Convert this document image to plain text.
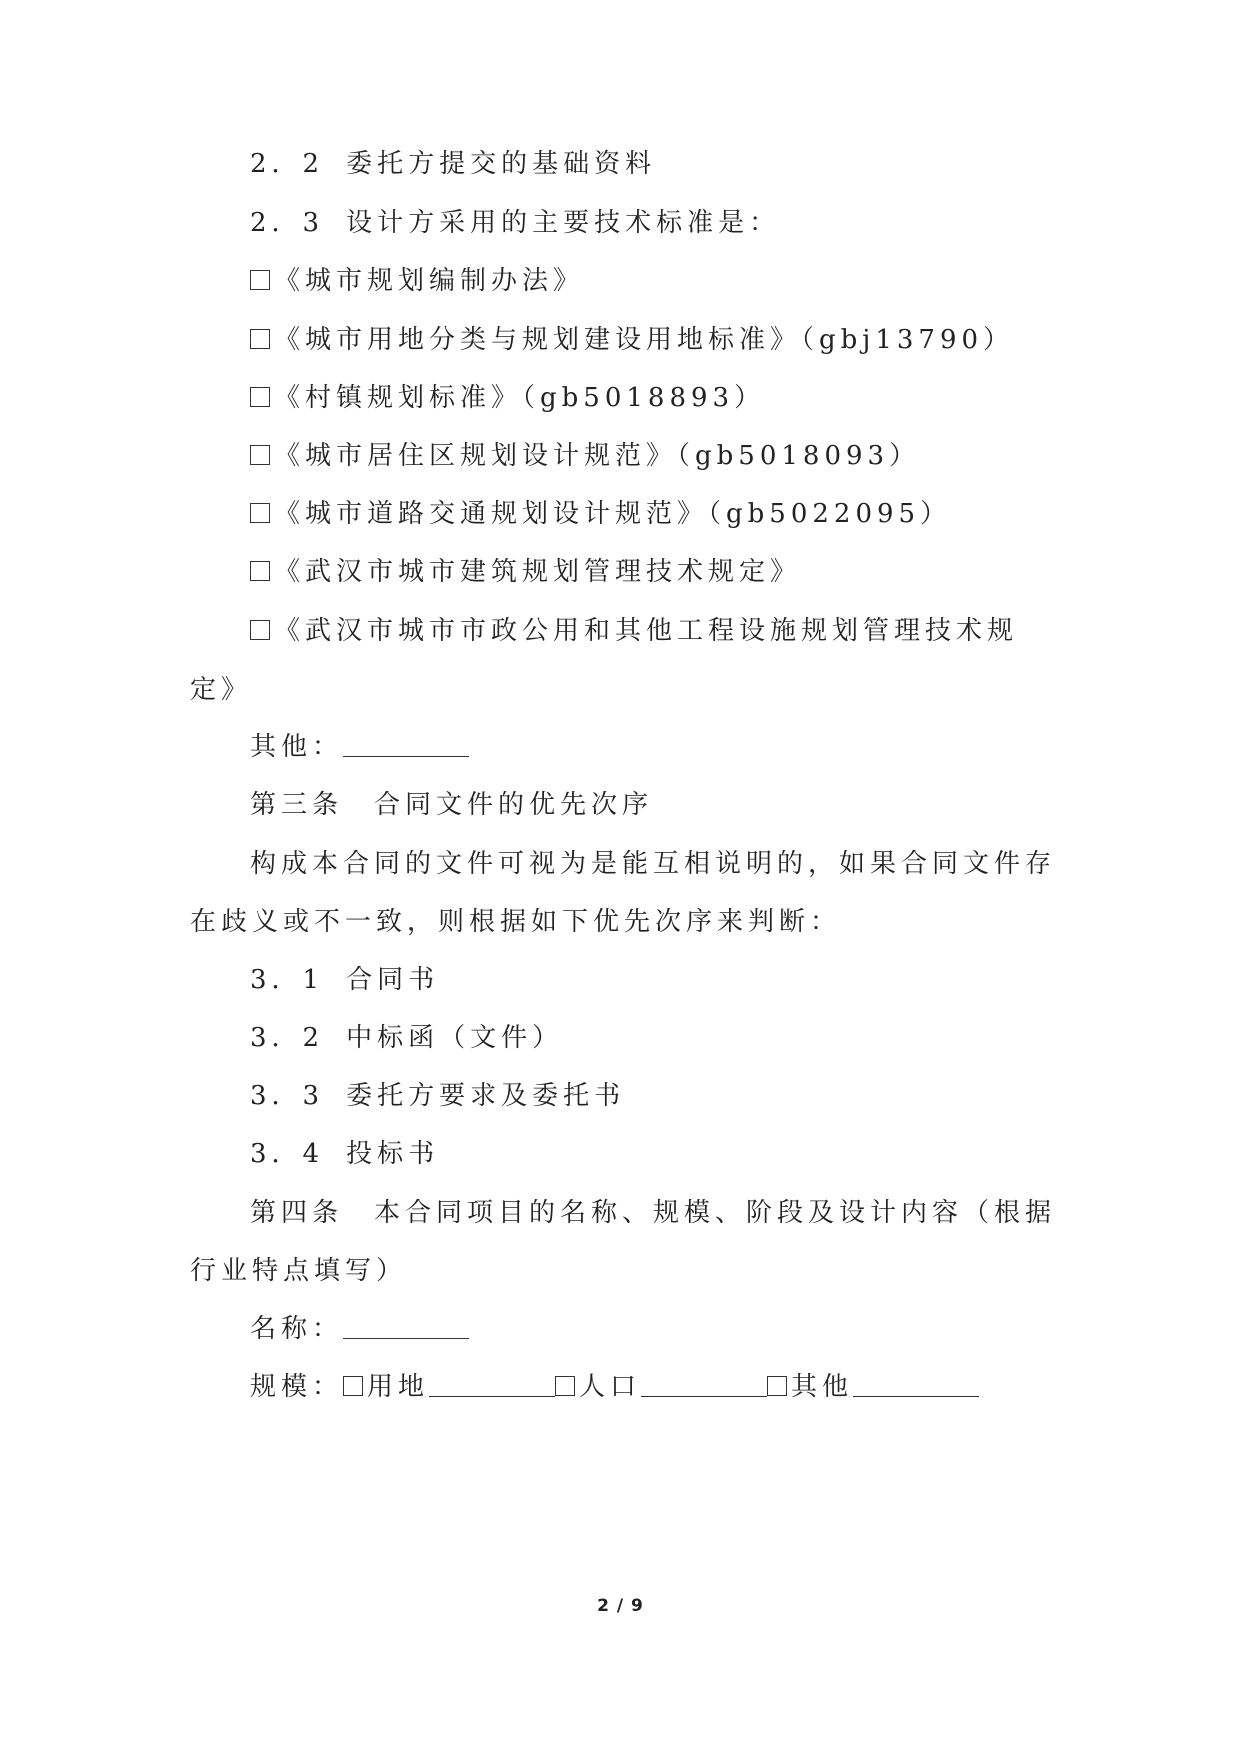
2．2 委托方提交的基础资料
2．3 设计方采用的主要技术标准是：
《城市规划编制办法》
《城市用地分类与规划建设用地标准》（gbj13790）
《村镇规划标准》（gb5018893）
《城市居住区规划设计规范》（gb5018093）
《城市道路交通规划设计规范》（gb5022095）
《武汉市城市建筑规划管理技术规定》
《武汉市城市市政公用和其他工程设施规划管理技术规
定》
其他：
第三条　合同文件的优先次序
构成本合同的文件可视为是能互相说明的，如果合同文件存
在歧义或不一致，则根据如下优先次序来判断：
3．1 合同书
3．2 中标函（文件）
3．3 委托方要求及委托书
3．4 投标书
第四条　本合同项目的名称、规模、阶段及设计内容（根据
行业特点填写）
名称：
规模： 用地	人口	其他
2 / 9
